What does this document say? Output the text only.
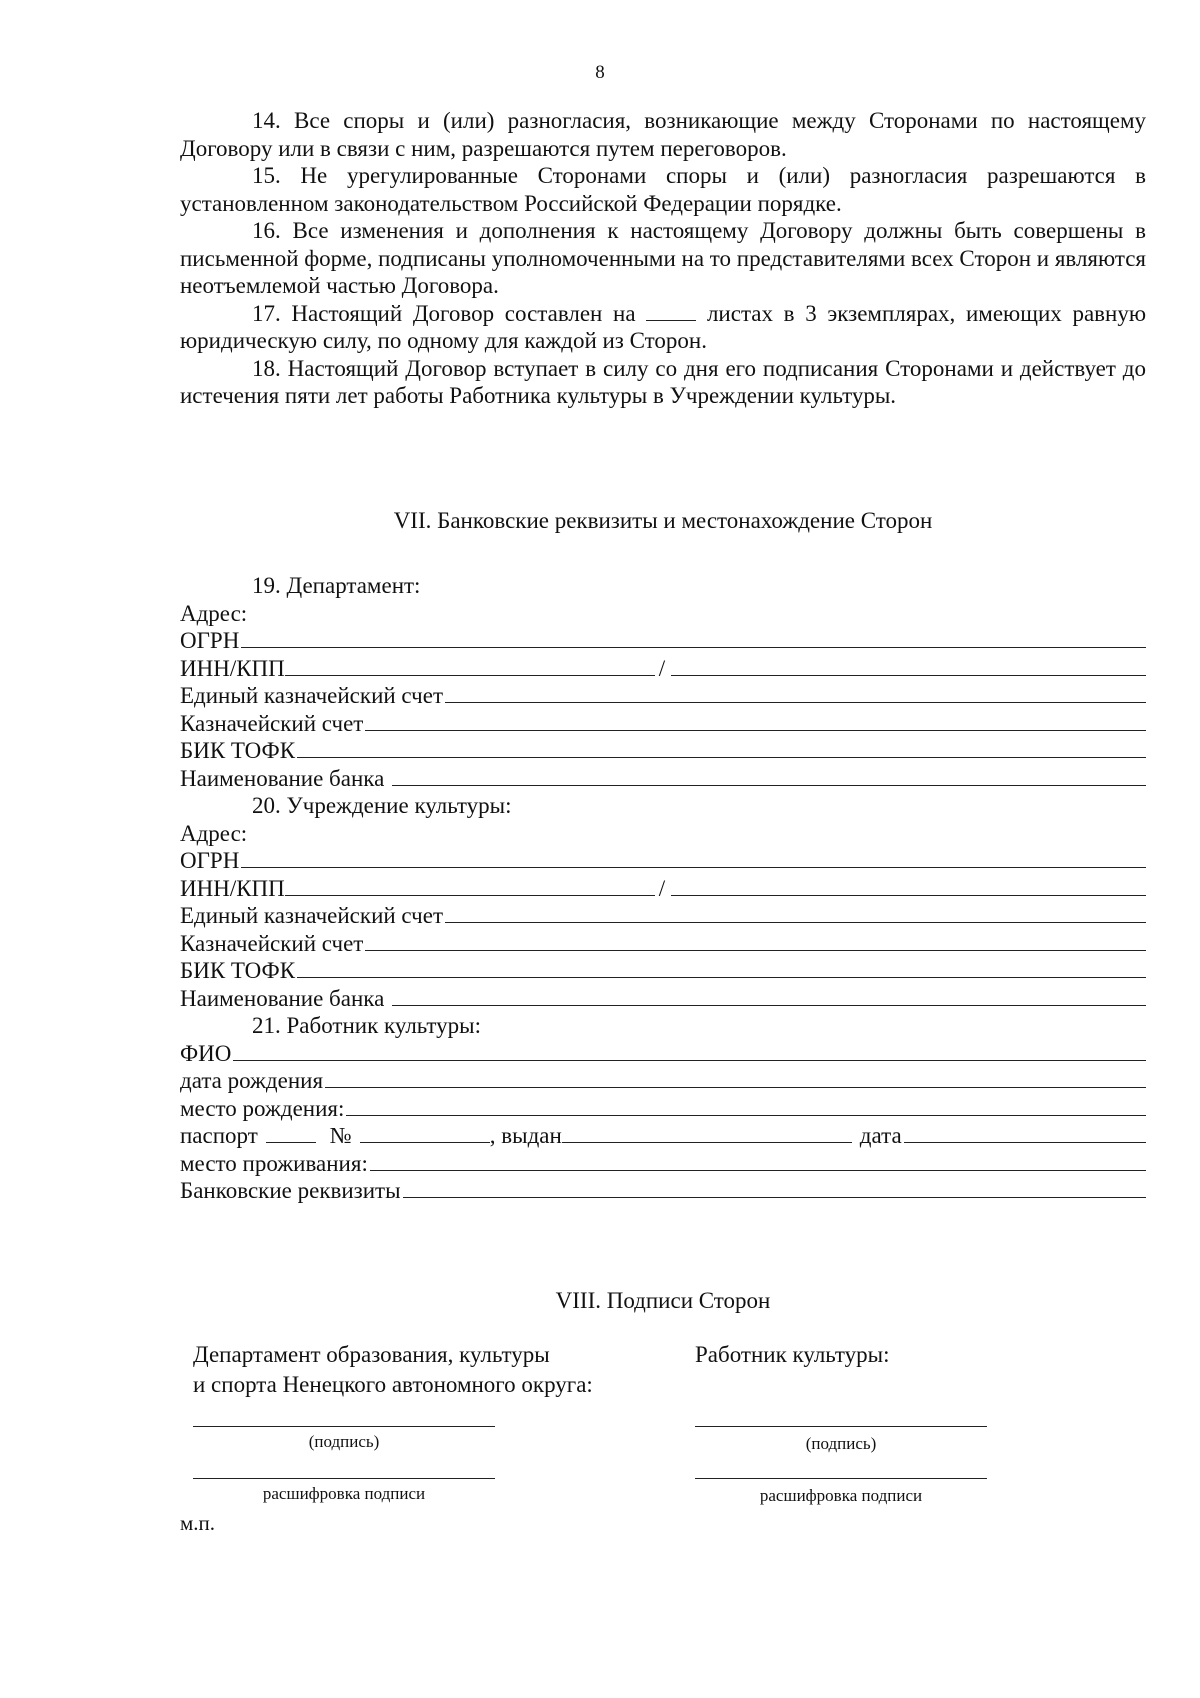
8

14. Все споры и (или) разногласия, возникающие между Сторонами по настоящему Договору или в связи с ним, разрешаются путем переговоров.

15. Не урегулированные Сторонами споры и (или) разногласия разрешаются в установленном законодательством Российской Федерации порядке.

16. Все изменения и дополнения к настоящему Договору должны быть совершены в письменной форме, подписаны уполномоченными на то представителями всех Сторон и являются неотъемлемой частью Договора.

17. Настоящий Договор составлен на	листах в 3 экземплярах, имеющих равную юридическую силу, по одному для каждой из Сторон.

18. Настоящий Договор вступает в силу со дня его подписания Сторонами и действует до истечения пяти лет работы Работника культуры в Учреждении культуры.

VII. Банковские реквизиты и местонахождение Сторон
19. Департамент:
Адрес:
ОГРН
ИНН/КПП	/
Единый казначейский счет
Казначейский счет
БИК ТОФК
Наименование банка
20. Учреждение культуры:
Адрес:
ОГРН
ИНН/КПП	/
Единый казначейский счет
Казначейский счет
БИК ТОФК
Наименование банка
21. Работник культуры:
ФИО
дата рождения
место рождения:
паспорт	№	, выдан	дата
место проживания:
Банковские реквизиты
VIII. Подписи Сторон
Департамент образования, культуры
и спорта Ненецкого автономного округа:
Работник культуры:
(подпись)	(подпись)
расшифровка подписи	расшифровка подписи
м.п.
